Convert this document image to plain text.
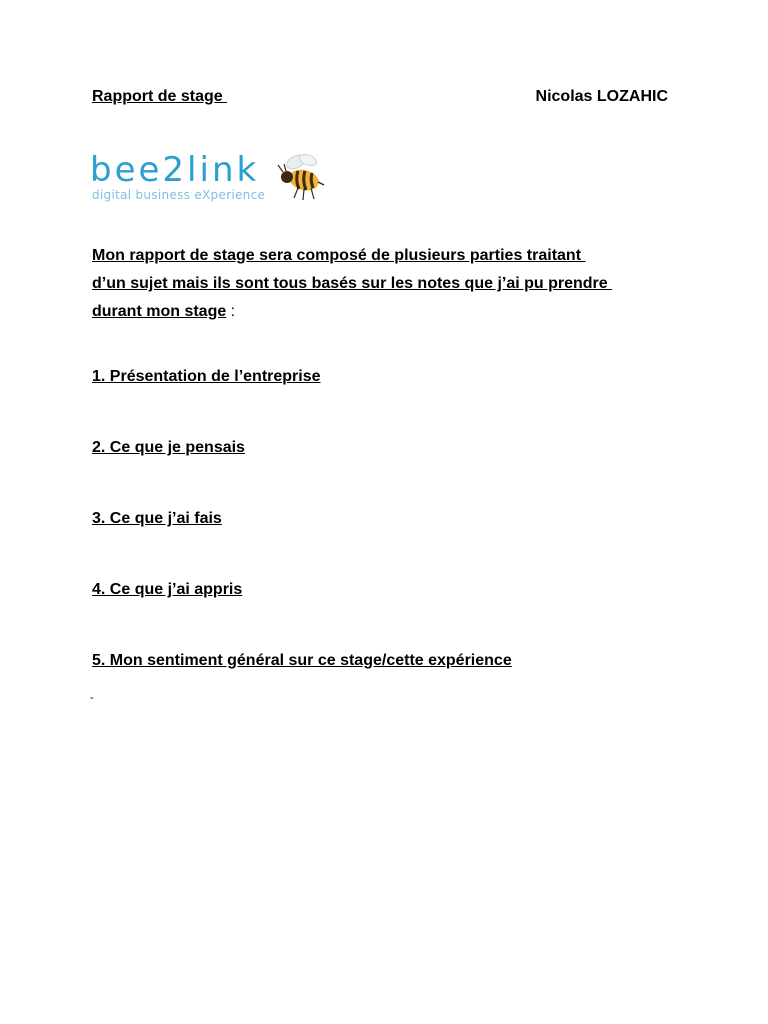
Rapport de stage	Nicolas LOZAHIC
bee2link
digital business eXperience
Mon rapport de stage sera composé de plusieurs parties traitant
d’un sujet mais ils sont tous basés sur les notes que j’ai pu prendre
durant mon stage :
1. Présentation de l’entreprise
2. Ce que je pensais
3. Ce que j’ai fais
4. Ce que j’ai appris
5. Mon sentiment général sur ce stage/cette expérience
-
